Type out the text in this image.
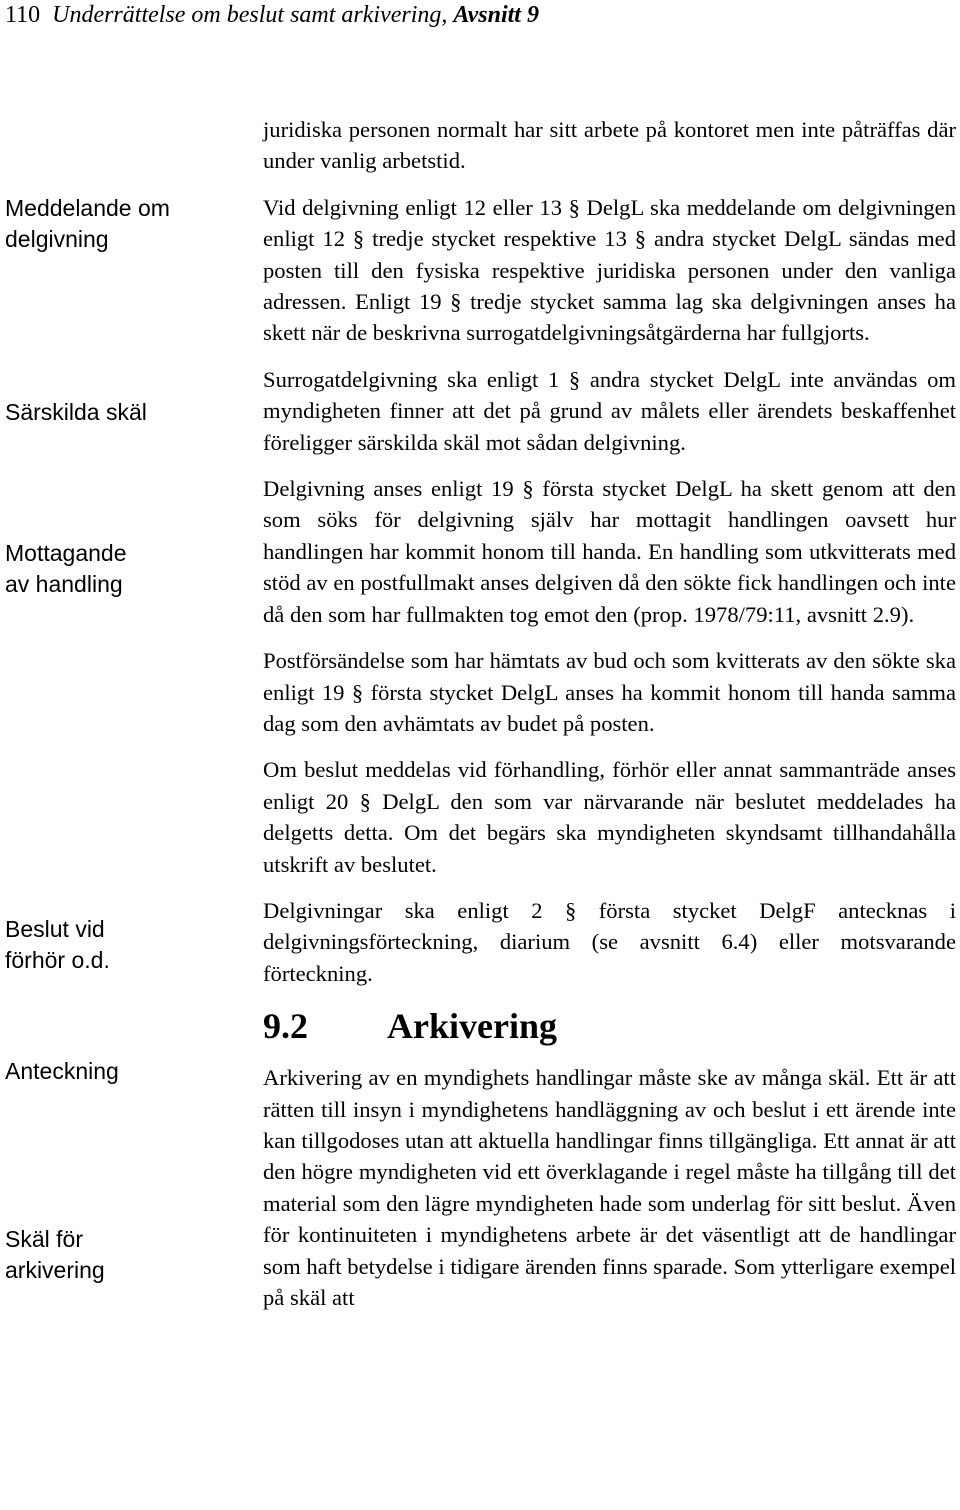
110 Underrättelse om beslut samt arkivering, Avsnitt 9
Meddelande om
delgivning
Särskilda skäl
Mottagande
av handling
Beslut vid
förhör o.d.
Anteckning
Skäl för
arkivering

juridiska personen normalt har sitt arbete på kontoret men inte påträffas där under vanlig arbetstid.

Vid delgivning enligt 12 eller 13 § DelgL ska meddelande om delgivningen enligt 12 § tredje stycket respektive 13 § andra stycket DelgL sändas med posten till den fysiska respektive juridiska personen under den vanliga adressen. Enligt 19 § tredje stycket samma lag ska delgivningen anses ha skett när de beskrivna surrogatdelgivningsåtgärderna har fullgjorts.

Surrogatdelgivning ska enligt 1 § andra stycket DelgL inte användas om myndigheten finner att det på grund av målets eller ärendets beskaffenhet föreligger särskilda skäl mot sådan delgivning.

Delgivning anses enligt 19 § första stycket DelgL ha skett genom att den som söks för delgivning själv har mottagit handlingen oavsett hur handlingen har kommit honom till handa. En handling som utkvitterats med stöd av en postfullmakt anses delgiven då den sökte fick handlingen och inte då den som har fullmakten tog emot den (prop. 1978/79:11, avsnitt 2.9).

Postförsändelse som har hämtats av bud och som kvitterats av den sökte ska enligt 19 § första stycket DelgL anses ha kommit honom till handa samma dag som den avhämtats av budet på posten.

Om beslut meddelas vid förhandling, förhör eller annat sammanträde anses enligt 20 § DelgL den som var närvarande när beslutet meddelades ha delgetts detta. Om det begärs ska myndigheten skyndsamt tillhandahålla utskrift av beslutet.

Delgivningar ska enligt 2 § första stycket DelgF antecknas i delgivningsförteckning, diarium (se avsnitt 6.4) eller motsvarande förteckning.

9.2 Arkivering

Arkivering av en myndighets handlingar måste ske av många skäl. Ett är att rätten till insyn i myndighetens handläggning av och beslut i ett ärende inte kan tillgodoses utan att aktuella handlingar finns tillgängliga. Ett annat är att den högre myndigheten vid ett överklagande i regel måste ha tillgång till det material som den lägre myndigheten hade som underlag för sitt beslut. Även för kontinuiteten i myndighetens arbete är det väsentligt att de handlingar som haft betydelse i tidigare ärenden finns sparade. Som ytterligare exempel på skäl att
